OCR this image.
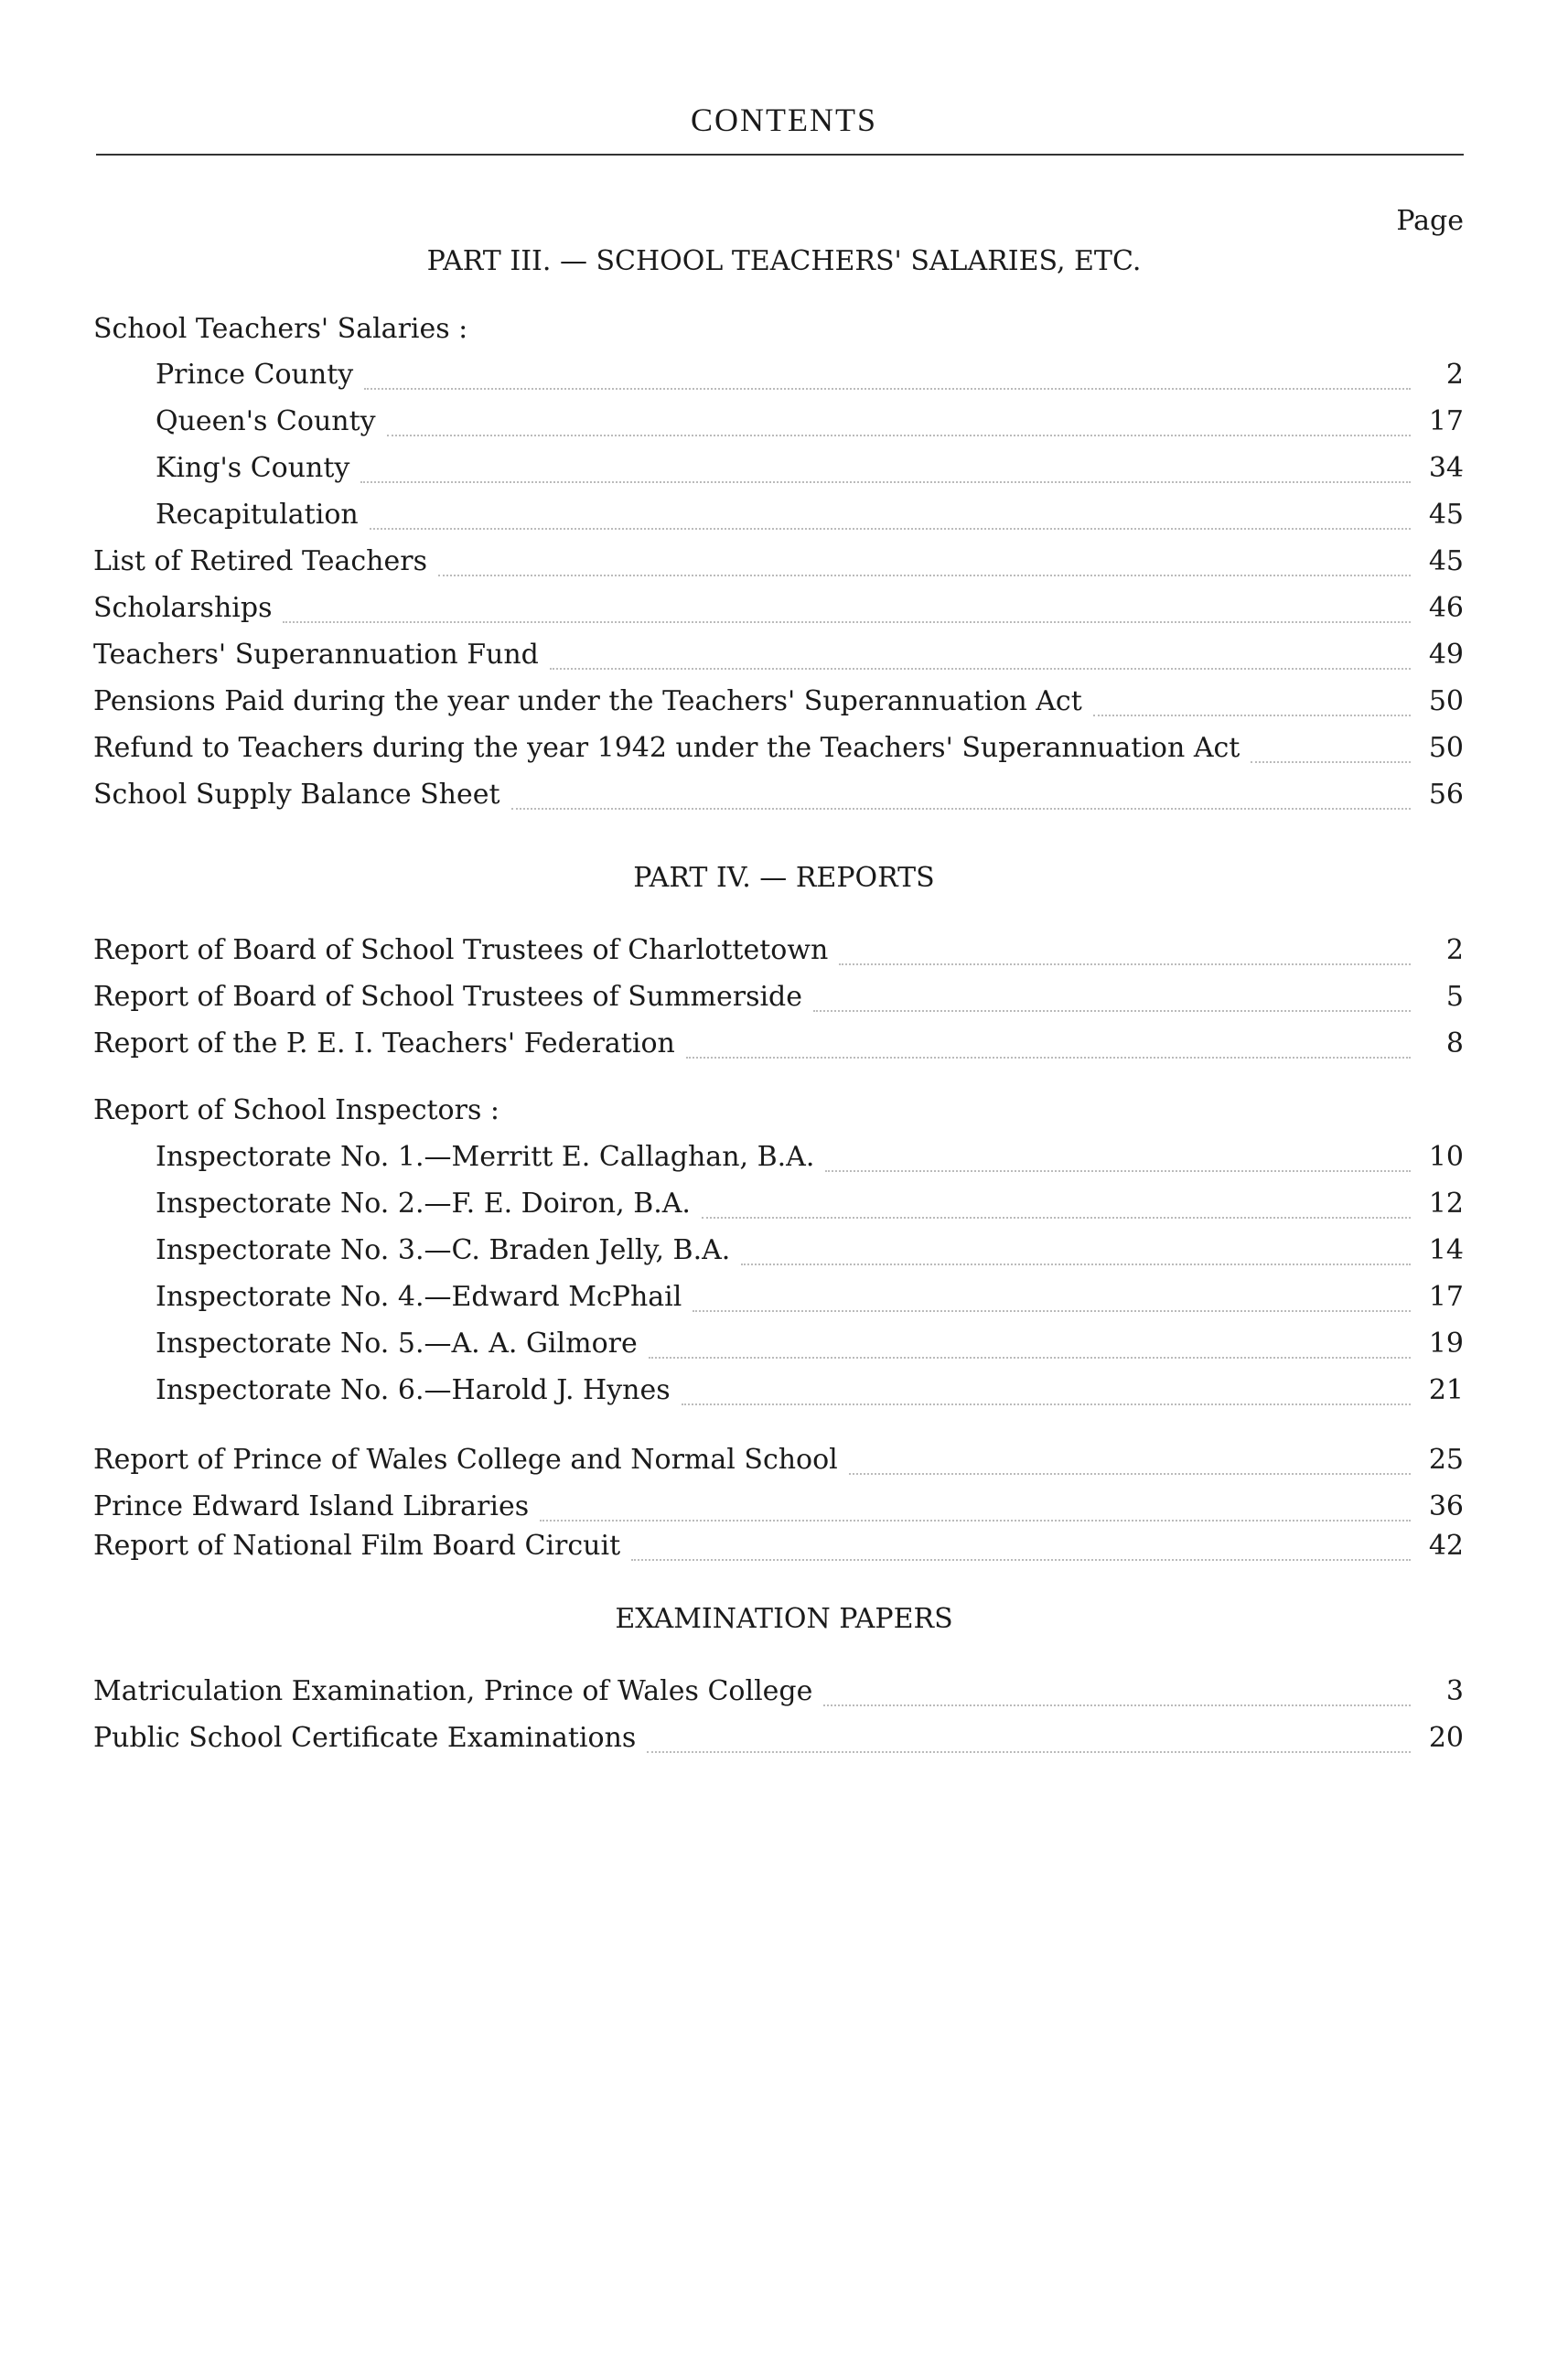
CONTENTS
Page
PART III. — SCHOOL TEACHERS' SALARIES, ETC.
School Teachers' Salaries :
Prince County	2
Queen's County	17
King's County	34
Recapitulation	45
List of Retired Teachers	45
Scholarships	46
Teachers' Superannuation Fund	49
Pensions Paid during the year under the Teachers' Superannuation Act	50
Refund to Teachers during the year 1942 under the Teachers' Superannuation Act	50
School Supply Balance Sheet	56
PART IV. — REPORTS
Report of Board of School Trustees of Charlottetown	2
Report of Board of School Trustees of Summerside	5
Report of the P. E. I. Teachers' Federation	8
Report of School Inspectors :
Inspectorate No. 1.—Merritt E. Callaghan, B.A.	10
Inspectorate No. 2.—F. E. Doiron, B.A.	12
Inspectorate No. 3.—C. Braden Jelly, B.A.	14
Inspectorate No. 4.—Edward McPhail	17
Inspectorate No. 5.—A. A. Gilmore	19
Inspectorate No. 6.—Harold J. Hynes	21
Report of Prince of Wales College and Normal School	25
Prince Edward Island Libraries	36
Report of National Film Board Circuit	42
EXAMINATION PAPERS
Matriculation Examination, Prince of Wales College	3
Public School Certificate Examinations	20
